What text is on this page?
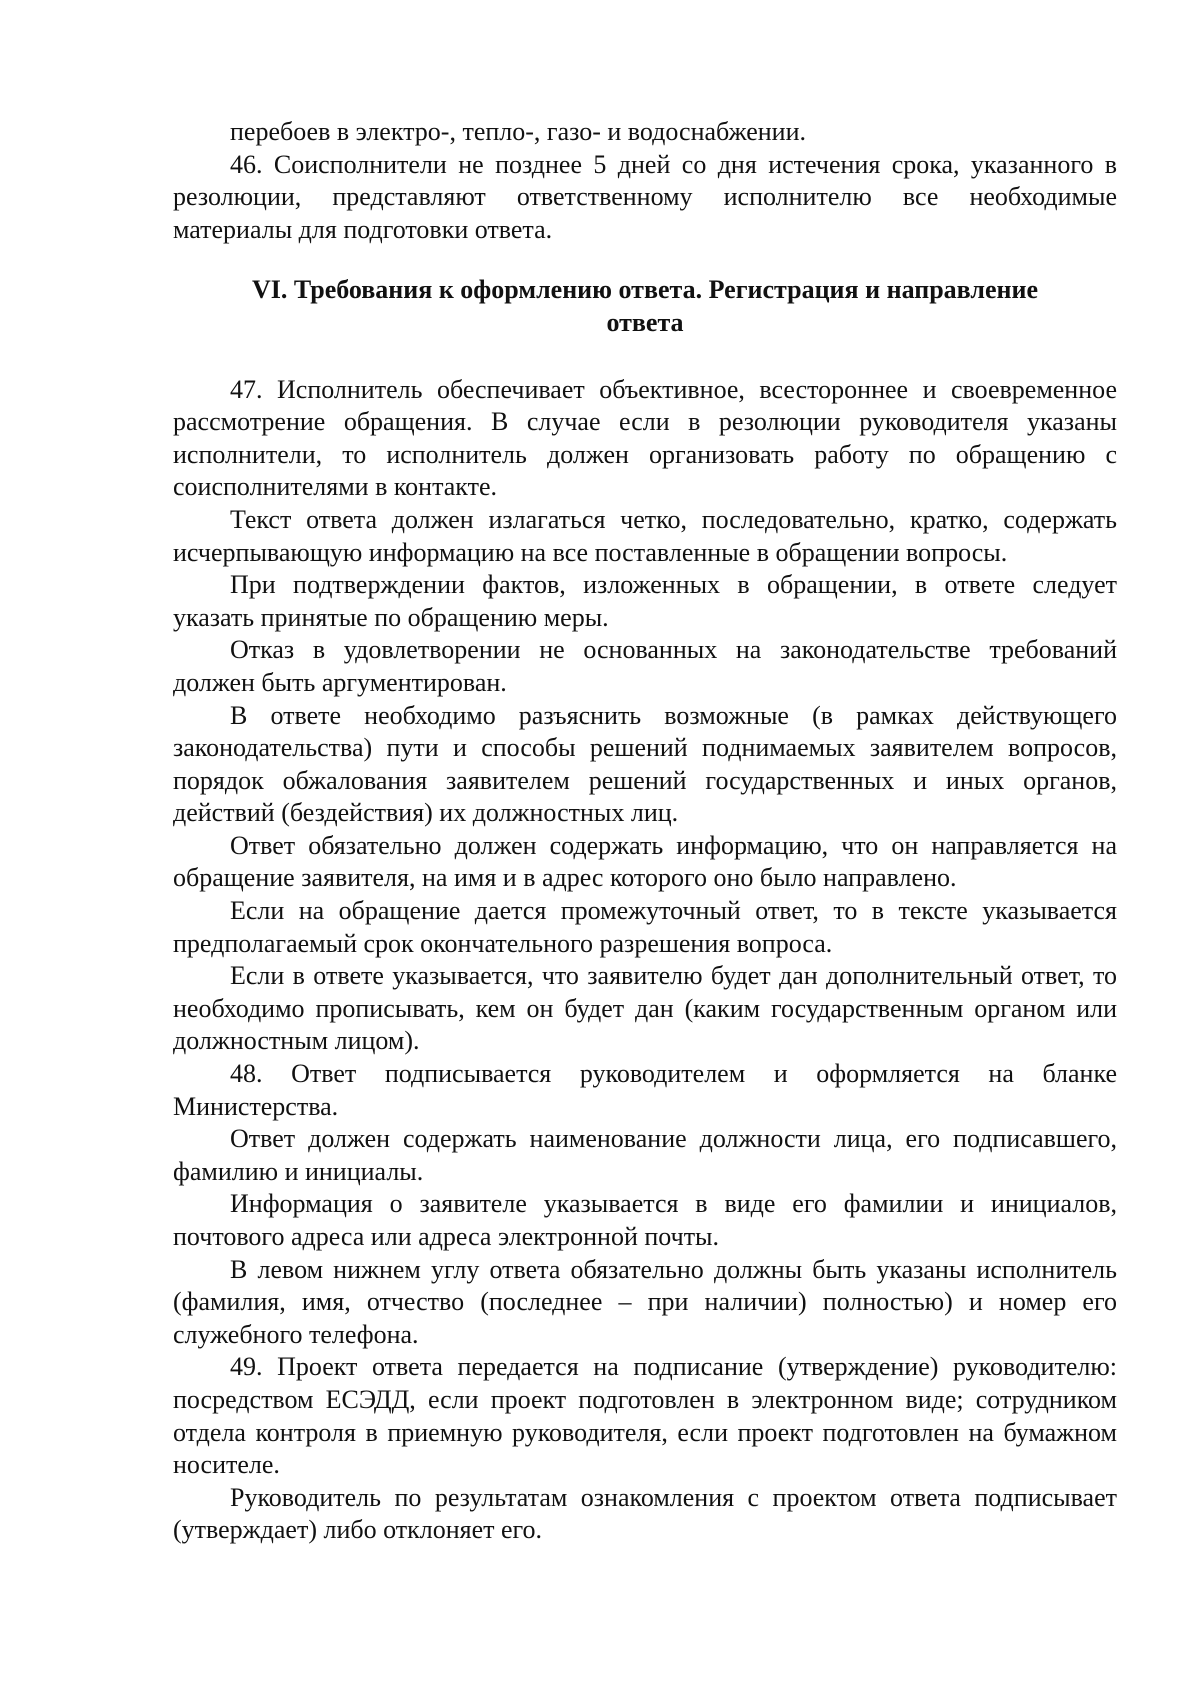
перебоев в электро-, тепло-, газо- и водоснабжении.

46. Соисполнители не позднее 5 дней со дня истечения срока, указанного в резолюции, представляют ответственному исполнителю все необходимые материалы для подготовки ответа.

VI. Требования к оформлению ответа. Регистрация и направление
ответа

47. Исполнитель обеспечивает объективное, всестороннее и своевременное рассмотрение обращения. В случае если в резолюции руководителя указаны исполнители, то исполнитель должен организовать работу по обращению с соисполнителями в контакте.

Текст ответа должен излагаться четко, последовательно, кратко, содержать исчерпывающую информацию на все поставленные в обращении вопросы.

При подтверждении фактов, изложенных в обращении, в ответе следует указать принятые по обращению меры.

Отказ в удовлетворении не основанных на законодательстве требований должен быть аргументирован.

В ответе необходимо разъяснить возможные (в рамках действующего законодательства) пути и способы решений поднимаемых заявителем вопросов, порядок обжалования заявителем решений государственных и иных органов, действий (бездействия) их должностных лиц.

Ответ обязательно должен содержать информацию, что он направляется на обращение заявителя, на имя и в адрес которого оно было направлено.

Если на обращение дается промежуточный ответ, то в тексте указывается предполагаемый срок окончательного разрешения вопроса.

Если в ответе указывается, что заявителю будет дан дополнительный ответ, то необходимо прописывать, кем он будет дан (каким государственным органом или должностным лицом).

48. Ответ подписывается руководителем и оформляется на бланке Министерства.

Ответ должен содержать наименование должности лица, его подписавшего, фамилию и инициалы.

Информация о заявителе указывается в виде его фамилии и инициалов, почтового адреса или адреса электронной почты.

В левом нижнем углу ответа обязательно должны быть указаны исполнитель (фамилия, имя, отчество (последнее – при наличии) полностью) и номер его служебного телефона.

49. Проект ответа передается на подписание (утверждение) руководителю: посредством ЕСЭДД, если проект подготовлен в электронном виде; сотрудником отдела контроля в приемную руководителя, если проект подготовлен на бумажном носителе.

Руководитель по результатам ознакомления с проектом ответа подписывает (утверждает) либо отклоняет его.
